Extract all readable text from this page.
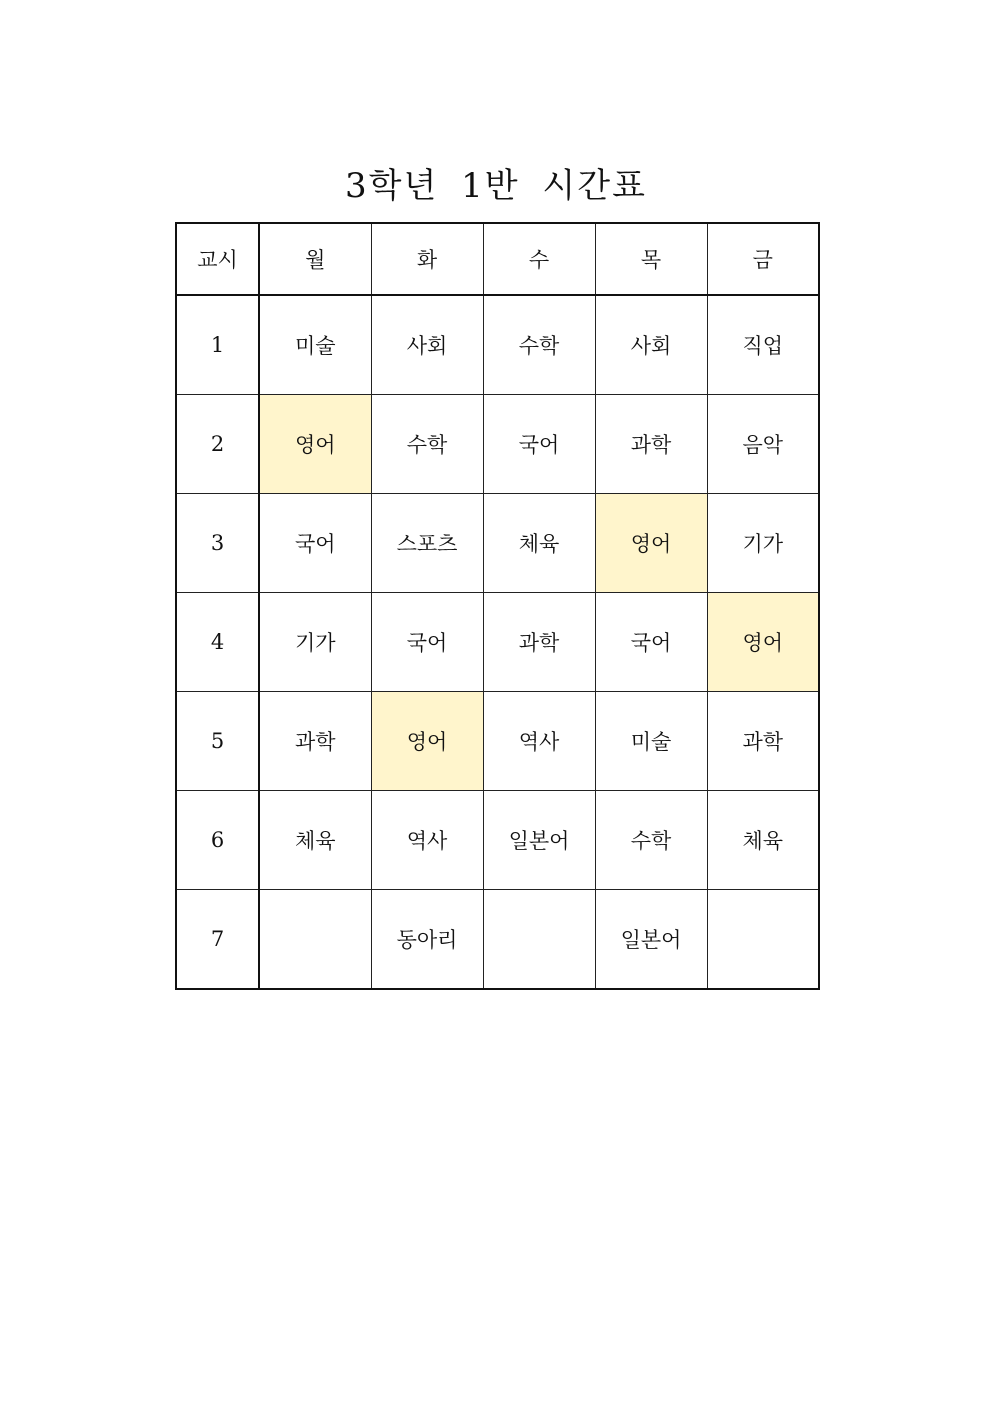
3학년 1반 시간표
교시	월	화	수	목	금
1	미술	사회	수학	사회	직업
2	영어	수학	국어	과학	음악
3	국어	스포츠	체육	영어	기가
4	기가	국어	과학	국어	영어
5	과학	영어	역사	미술	과학
6	체육	역사	일본어	수학	체육
7		동아리		일본어	
